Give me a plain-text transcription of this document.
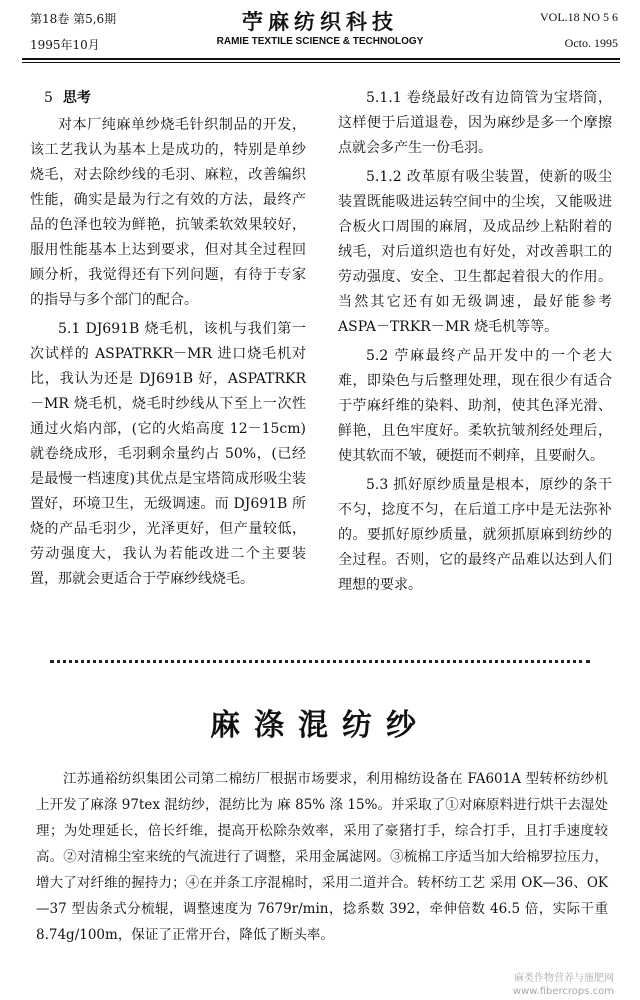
第18卷 第5,6期
1995年10月
苧麻纺织科技
RAMIE TEXTILE SCIENCE & TECHNOLOGY
VOL.18 NO 5 6
Octo. 1995
5 思考

对本厂纯麻单纱烧毛针织制品的开发，该工艺我认为基本上是成功的，特别是单纱烧毛，对去除纱线的毛羽、麻粒，改善编织性能，确实是最为行之有效的方法，最终产品的色泽也较为鲜艳，抗皱柔软效果较好，服用性能基本上达到要求，但对其全过程回顾分析，我觉得还有下列问题，有待于专家的指导与多个部门的配合。

5.1 DJ691B 烧毛机，该机与我们第一次试样的 ASPATRKR－MR 进口烧毛机对比，我认为还是 DJ691B 好，ASPATRKR－MR 烧毛机，烧毛时纱线从下至上一次性通过火焰内部，(它的火焰高度 12－15cm)就卷绕成形，毛羽剩余量约占 50%，(已经是最慢一档速度)其优点是宝塔筒成形吸尘装置好，环境卫生，无级调速。而 DJ691B 所烧的产品毛羽少，光泽更好，但产量较低，劳动强度大，我认为若能改进二个主要装置，那就会更适合于苧麻纱线烧毛。

5.1.1 卷绕最好改有边筒管为宝塔筒，这样便于后道退卷，因为麻纱是多一个摩擦点就会多产生一份毛羽。

5.1.2 改革原有吸尘装置，使新的吸尘装置既能吸进运转空间中的尘埃，又能吸进合板火口周围的麻屑，及成品纱上粘附着的绒毛，对后道织造也有好处，对改善职工的劳动强度、安全、卫生都起着很大的作用。当然其它还有如无级调速，最好能参考 ASPA－TRKR－MR 烧毛机等等。

5.2 苧麻最终产品开发中的一个老大难，即染色与后整理处理，现在很少有适合于苧麻纤维的染料、助剂，使其色泽光滑、鲜艳，且色牢度好。柔软抗皱剂经处理后，使其软而不皱，硬挺而不刺痒，且要耐久。

5.3 抓好原纱质量是根本，原纱的条干不匀，捻度不匀，在后道工序中是无法弥补的。要抓好原纱质量，就须抓原麻到纺纱的全过程。否则，它的最终产品难以达到人们理想的要求。

麻涤混纺纱

江苏通裕纺织集团公司第二棉纺厂根据市场要求，利用棉纺设备在 FA601A 型转杯纺纱机上开发了麻涤 97tex 混纺纱，混纺比为 麻 85% 涤 15%。并采取了①对麻原料进行烘干去湿处理；为处理延长，倍长纤维，提高开松除杂效率，采用了豪猪打手，综合打手，且打手速度较高。②对清棉尘室来统的气流进行了调整，采用金属滤网。③梳棉工序适当加大给棉罗拉压力，增大了对纤维的握持力；④在并条工序混棉时，采用二道并合。转杯纺工艺 采用 OK—36、OK—37 型齿条式分梳辊，调整速度为 7679r/min，捻系数 392，牵伸倍数 46.5 倍，实际干重 8.74g/100m，保证了正常开台，降低了断头率。

麻类作物营养与施肥网
www.fibercrops.com
